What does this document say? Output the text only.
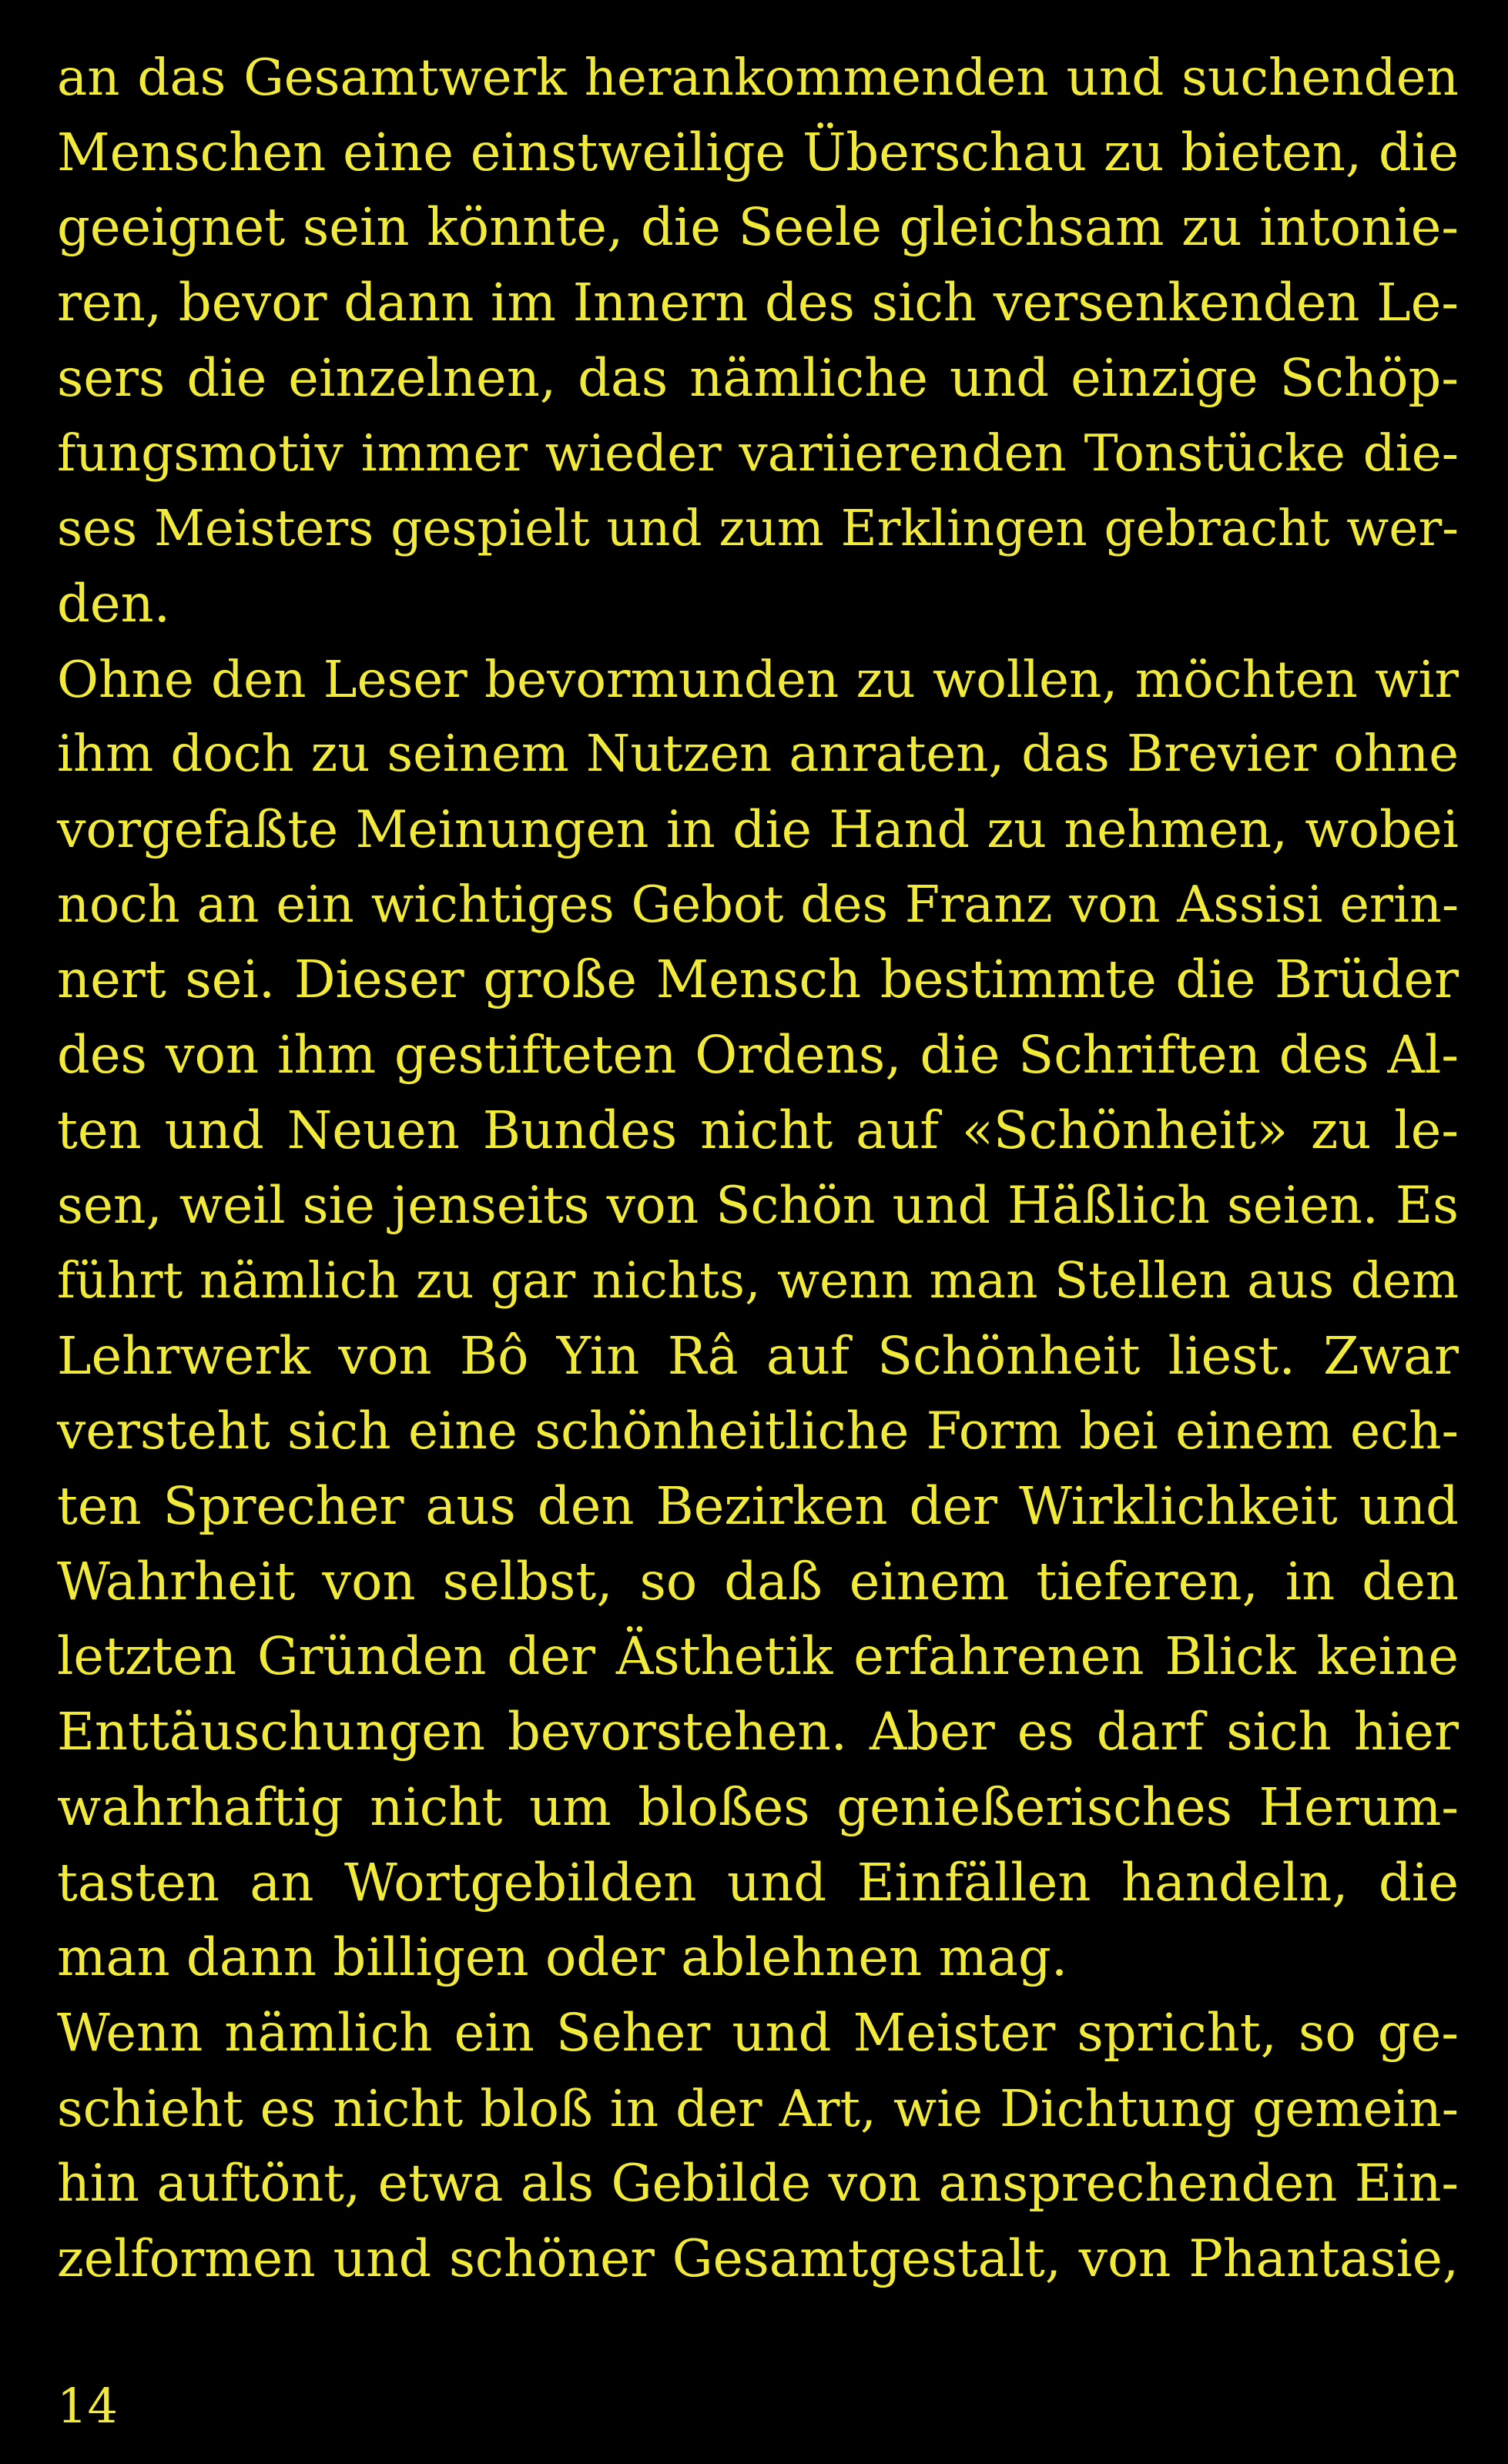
an das Gesamtwerk herankommenden und suchenden
Menschen eine einstweilige Überschau zu bieten, die
geeignet sein könnte, die Seele gleichsam zu intonie-
ren, bevor dann im Innern des sich versenkenden Le-
sers die einzelnen, das nämliche und einzige Schöp-
fungsmotiv immer wieder variierenden Tonstücke die-
ses Meisters gespielt und zum Erklingen gebracht wer-
den.
Ohne den Leser bevormunden zu wollen, möchten wir
ihm doch zu seinem Nutzen anraten, das Brevier ohne
vorgefaßte Meinungen in die Hand zu nehmen, wobei
noch an ein wichtiges Gebot des Franz von Assisi erin-
nert sei. Dieser große Mensch bestimmte die Brüder
des von ihm gestifteten Ordens, die Schriften des Al-
ten und Neuen Bundes nicht auf «Schönheit» zu le-
sen, weil sie jenseits von Schön und Häßlich seien. Es
führt nämlich zu gar nichts, wenn man Stellen aus dem
Lehrwerk von Bô Yin Râ auf Schönheit liest. Zwar
versteht sich eine schönheitliche Form bei einem ech-
ten Sprecher aus den Bezirken der Wirklichkeit und
Wahrheit von selbst, so daß einem tieferen, in den
letzten Gründen der Ästhetik erfahrenen Blick keine
Enttäuschungen bevorstehen. Aber es darf sich hier
wahrhaftig nicht um bloßes genießerisches Herum-
tasten an Wortgebilden und Einfällen handeln, die
man dann billigen oder ablehnen mag.
Wenn nämlich ein Seher und Meister spricht, so ge-
schieht es nicht bloß in der Art, wie Dichtung gemein-
hin auftönt, etwa als Gebilde von ansprechenden Ein-
zelformen und schöner Gesamtgestalt, von Phantasie,
14
